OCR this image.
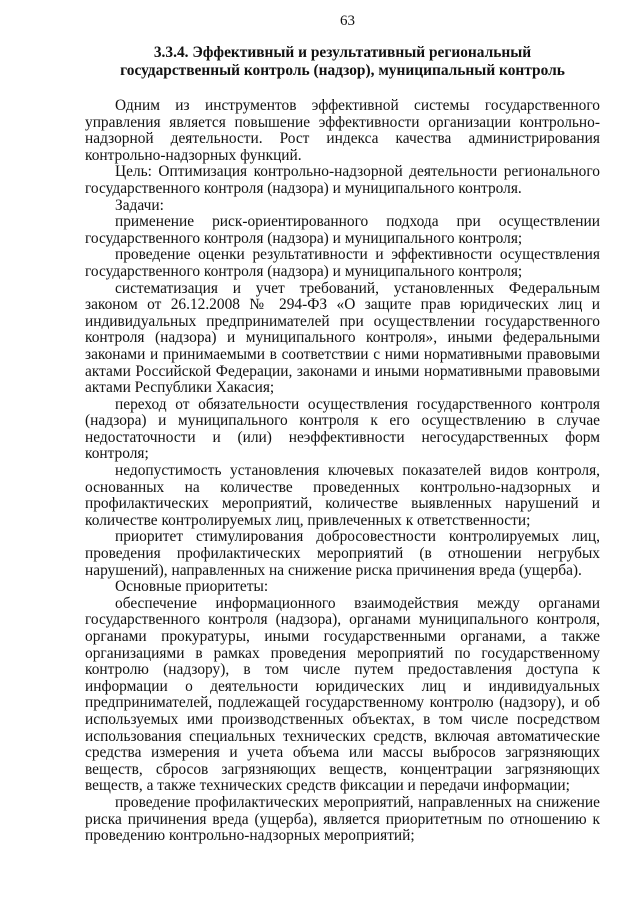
63
3.3.4. Эффективный и результативный региональный
государственный контроль (надзор), муниципальный контроль

Одним из инструментов эффективной системы государственного управления является повышение эффективности организации контрольно-надзорной деятельности. Рост индекса качества администрирования контрольно-надзорных функций.

Цель: Оптимизация контрольно-надзорной деятельности регионального государственного контроля (надзора) и муниципального контроля.

Задачи:

применение риск-ориентированного подхода при осуществлении государственного контроля (надзора) и муниципального контроля;

проведение оценки результативности и эффективности осуществления государственного контроля (надзора) и муниципального контроля;

систематизация и учет требований, установленных Федеральным законом от 26.12.2008 № 294-ФЗ «О защите прав юридических лиц и индивидуальных предпринимателей при осуществлении государственного контроля (надзора) и муниципального контроля», иными федеральными законами и принимаемыми в соответствии с ними нормативными правовыми актами Российской Федерации, законами и иными нормативными правовыми актами Республики Хакасия;

переход от обязательности осуществления государственного контроля (надзора) и муниципального контроля к его осуществлению в случае недостаточности и (или) неэффективности негосударственных форм контроля;

недопустимость установления ключевых показателей видов контроля, основанных на количестве проведенных контрольно-надзорных и профилактических мероприятий, количестве выявленных нарушений и количестве контролируемых лиц, привлеченных к ответственности;

приоритет стимулирования добросовестности контролируемых лиц, проведения профилактических мероприятий (в отношении негрубых нарушений), направленных на снижение риска причинения вреда (ущерба).

Основные приоритеты:

обеспечение информационного взаимодействия между органами государственного контроля (надзора), органами муниципального контроля, органами прокуратуры, иными государственными органами, а также организациями в рамках проведения мероприятий по государственному контролю (надзору), в том числе путем предоставления доступа к информации о деятельности юридических лиц и индивидуальных предпринимателей, подлежащей государственному контролю (надзору), и об используемых ими производственных объектах, в том числе посредством использования специальных технических средств, включая автоматические средства измерения и учета объема или массы выбросов загрязняющих веществ, сбросов загрязняющих веществ, концентрации загрязняющих веществ, а также технических средств фиксации и передачи информации;

проведение профилактических мероприятий, направленных на снижение риска причинения вреда (ущерба), является приоритетным по отношению к проведению контрольно-надзорных мероприятий;
